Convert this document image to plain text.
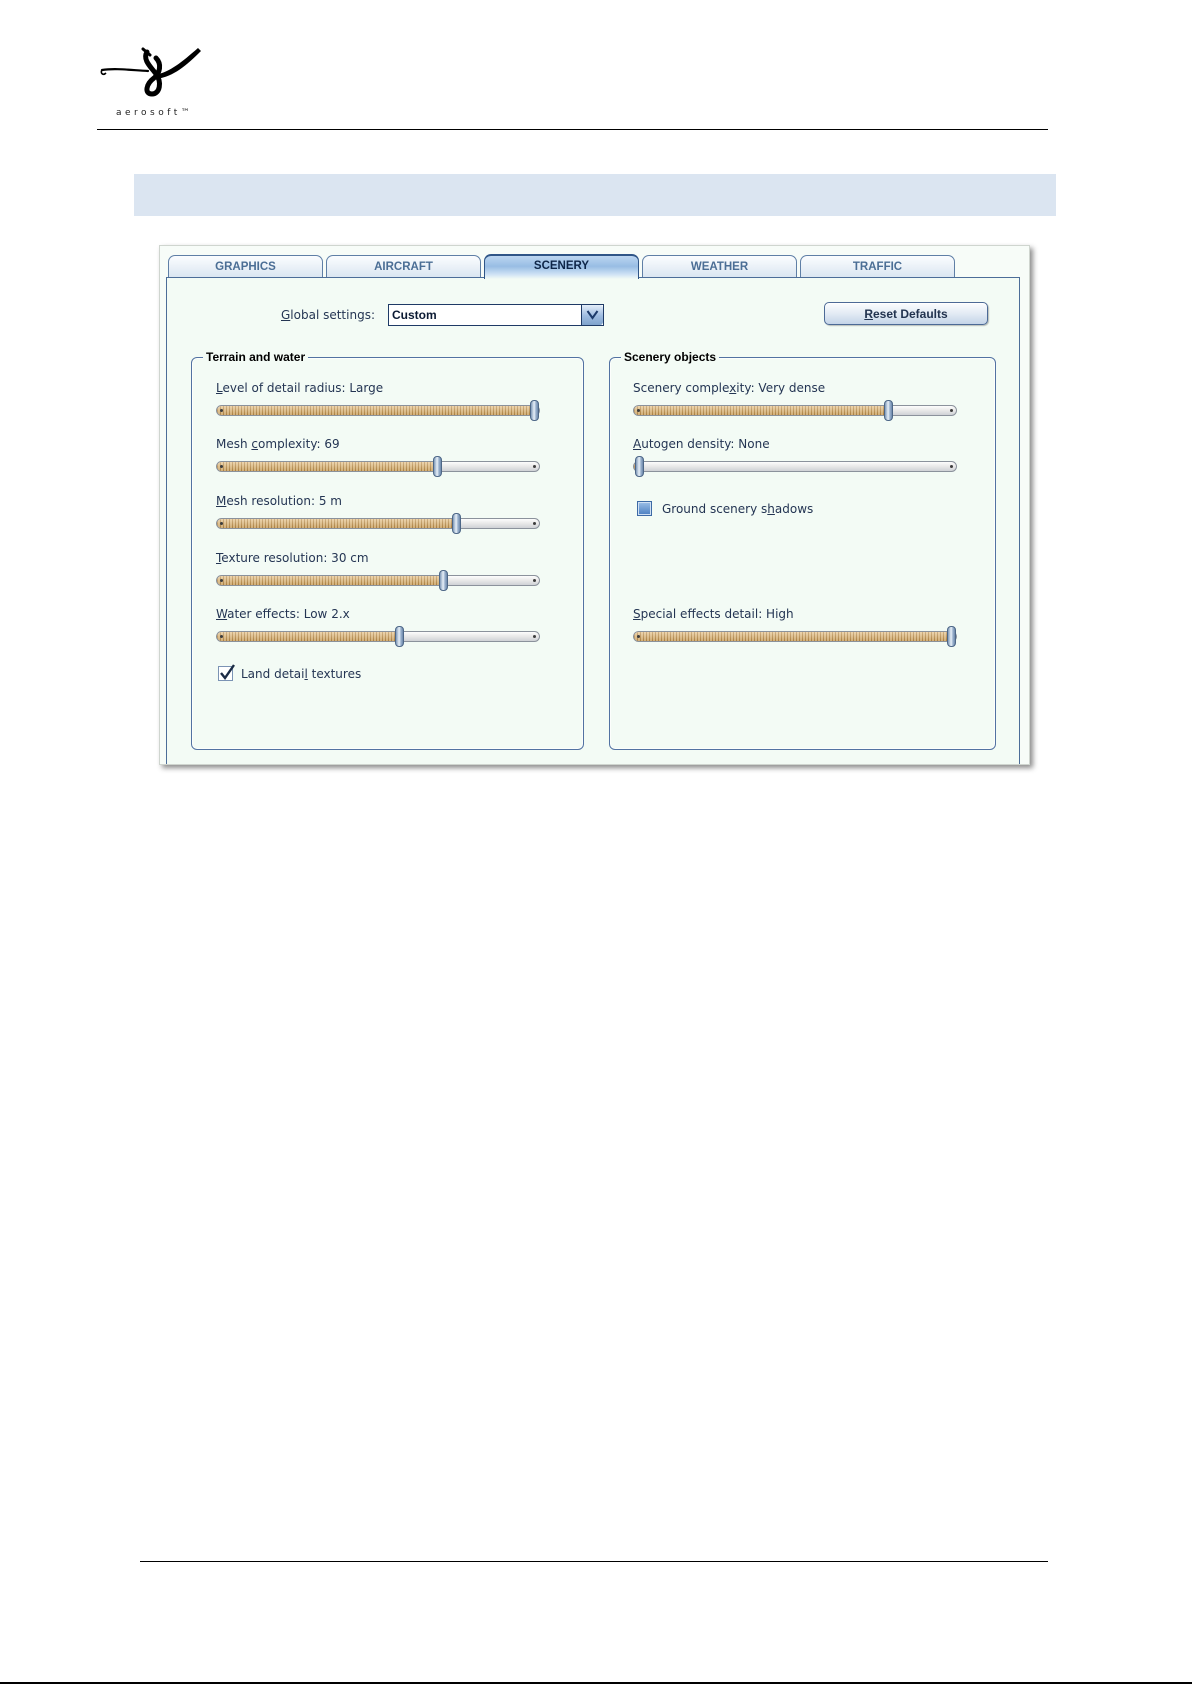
aerosoft™
GRAPHICS	AIRCRAFT	SCENERY	WEATHER	TRAFFIC
Global settings: Custom	Reset Defaults
Terrain and water
Level of detail radius: Large
Mesh complexity: 69
Mesh resolution: 5 m
Texture resolution: 30 cm
Water effects: Low 2.x
Land detail textures
Scenery objects
Scenery complexity: Very dense
Autogen density: None
Ground scenery shadows
Special effects detail: High
